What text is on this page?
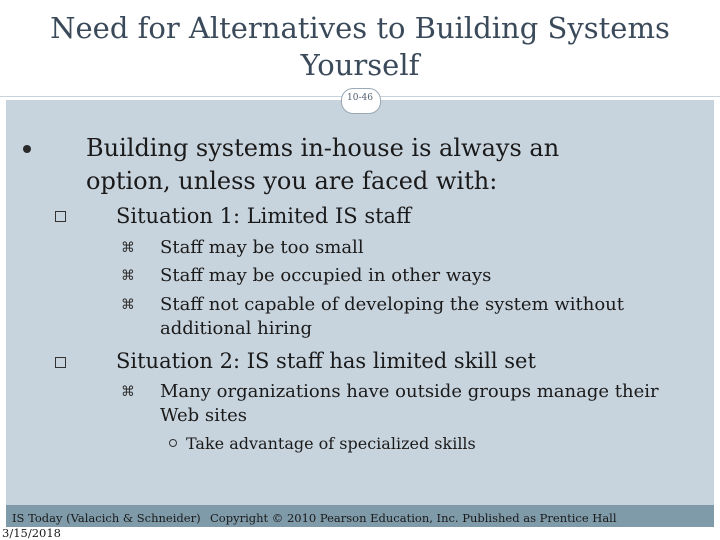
Need for Alternatives to Building Systems
Yourself
10-46
Building systems in-house is always an
option, unless you are faced with:
Situation 1: Limited IS staff
⌘ Staff may be too small
⌘ Staff may be occupied in other ways
⌘ Staff not capable of developing the system without
additional hiring
Situation 2: IS staff has limited skill set
⌘ Many organizations have outside groups manage their
Web sites
Take advantage of specialized skills
IS Today (Valacich & Schneider)
3/15/2018
Copyright © 2010 Pearson Education, Inc. Published as Prentice Hall
